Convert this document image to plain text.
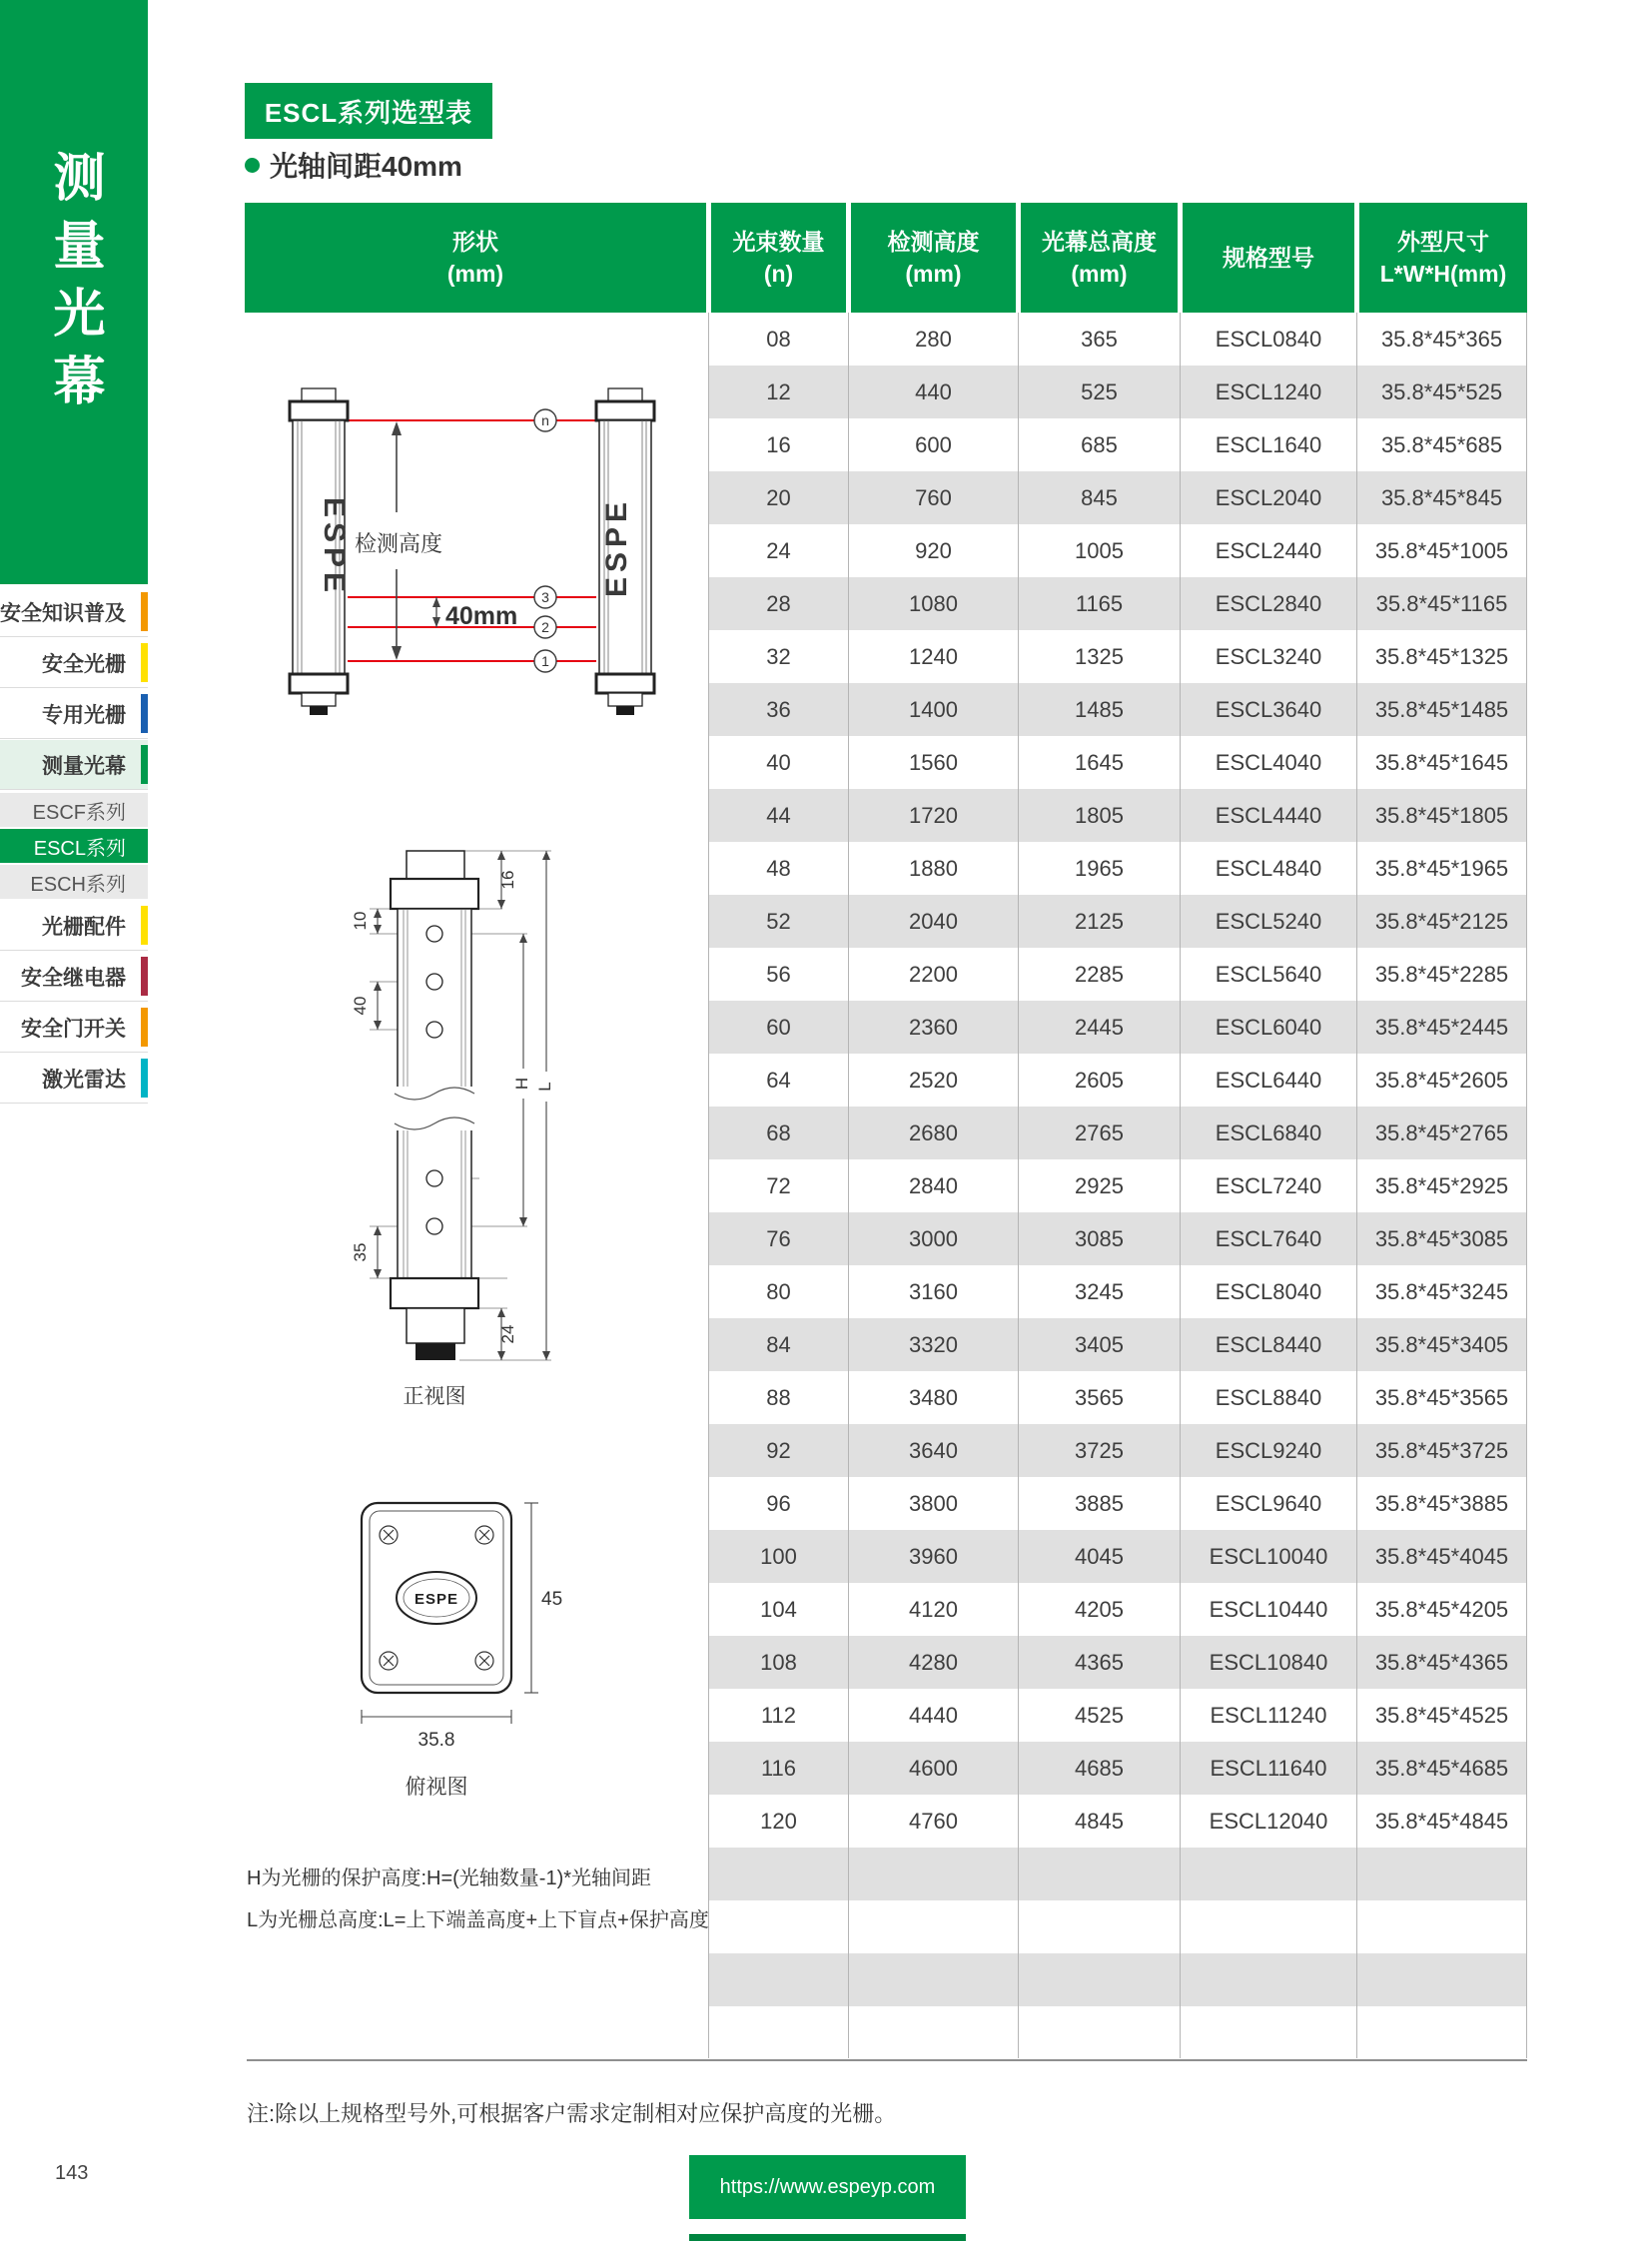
测量光幕
安全知识普及
安全光栅
专用光栅
测量光幕
ESCF系列
ESCL系列
ESCH系列
光栅配件
安全继电器
安全门开关
激光雷达
ESCL系列选型表
光轴间距40mm
形状
(mm)
光束数量
(n)
检测高度
(mm)
光幕总高度
(mm)
规格型号
外型尺寸
L*W*H(mm)
08	280	365	ESCL0840	35.8*45*365
12	440	525	ESCL1240	35.8*45*525
16	600	685	ESCL1640	35.8*45*685
20	760	845	ESCL2040	35.8*45*845
24	920	1005	ESCL2440	35.8*45*1005
28	1080	1165	ESCL2840	35.8*45*1165
32	1240	1325	ESCL3240	35.8*45*1325
36	1400	1485	ESCL3640	35.8*45*1485
40	1560	1645	ESCL4040	35.8*45*1645
44	1720	1805	ESCL4440	35.8*45*1805
48	1880	1965	ESCL4840	35.8*45*1965
52	2040	2125	ESCL5240	35.8*45*2125
56	2200	2285	ESCL5640	35.8*45*2285
60	2360	2445	ESCL6040	35.8*45*2445
64	2520	2605	ESCL6440	35.8*45*2605
68	2680	2765	ESCL6840	35.8*45*2765
72	2840	2925	ESCL7240	35.8*45*2925
76	3000	3085	ESCL7640	35.8*45*3085
80	3160	3245	ESCL8040	35.8*45*3245
84	3320	3405	ESCL8440	35.8*45*3405
88	3480	3565	ESCL8840	35.8*45*3565
92	3640	3725	ESCL9240	35.8*45*3725
96	3800	3885	ESCL9640	35.8*45*3885
100	3960	4045	ESCL10040	35.8*45*4045
104	4120	4205	ESCL10440	35.8*45*4205
108	4280	4365	ESCL10840	35.8*45*4365
112	4440	4525	ESCL11240	35.8*45*4525
116	4600	4685	ESCL11640	35.8*45*4685
120	4760	4845	ESCL12040	35.8*45*4845
ESPE	ESPE
n
3
2
1
检测高度
40mm
10
40
35
16
24
H L
正视图
ESPE	45
35.8
俯视图
H为光栅的保护高度:H=(光轴数量-1)*光轴间距
L为光栅总高度:L=上下端盖高度+上下盲点+保护高度
注:除以上规格型号外,可根据客户需求定制相对应保护高度的光栅。
143
https://www.espeyp.com
